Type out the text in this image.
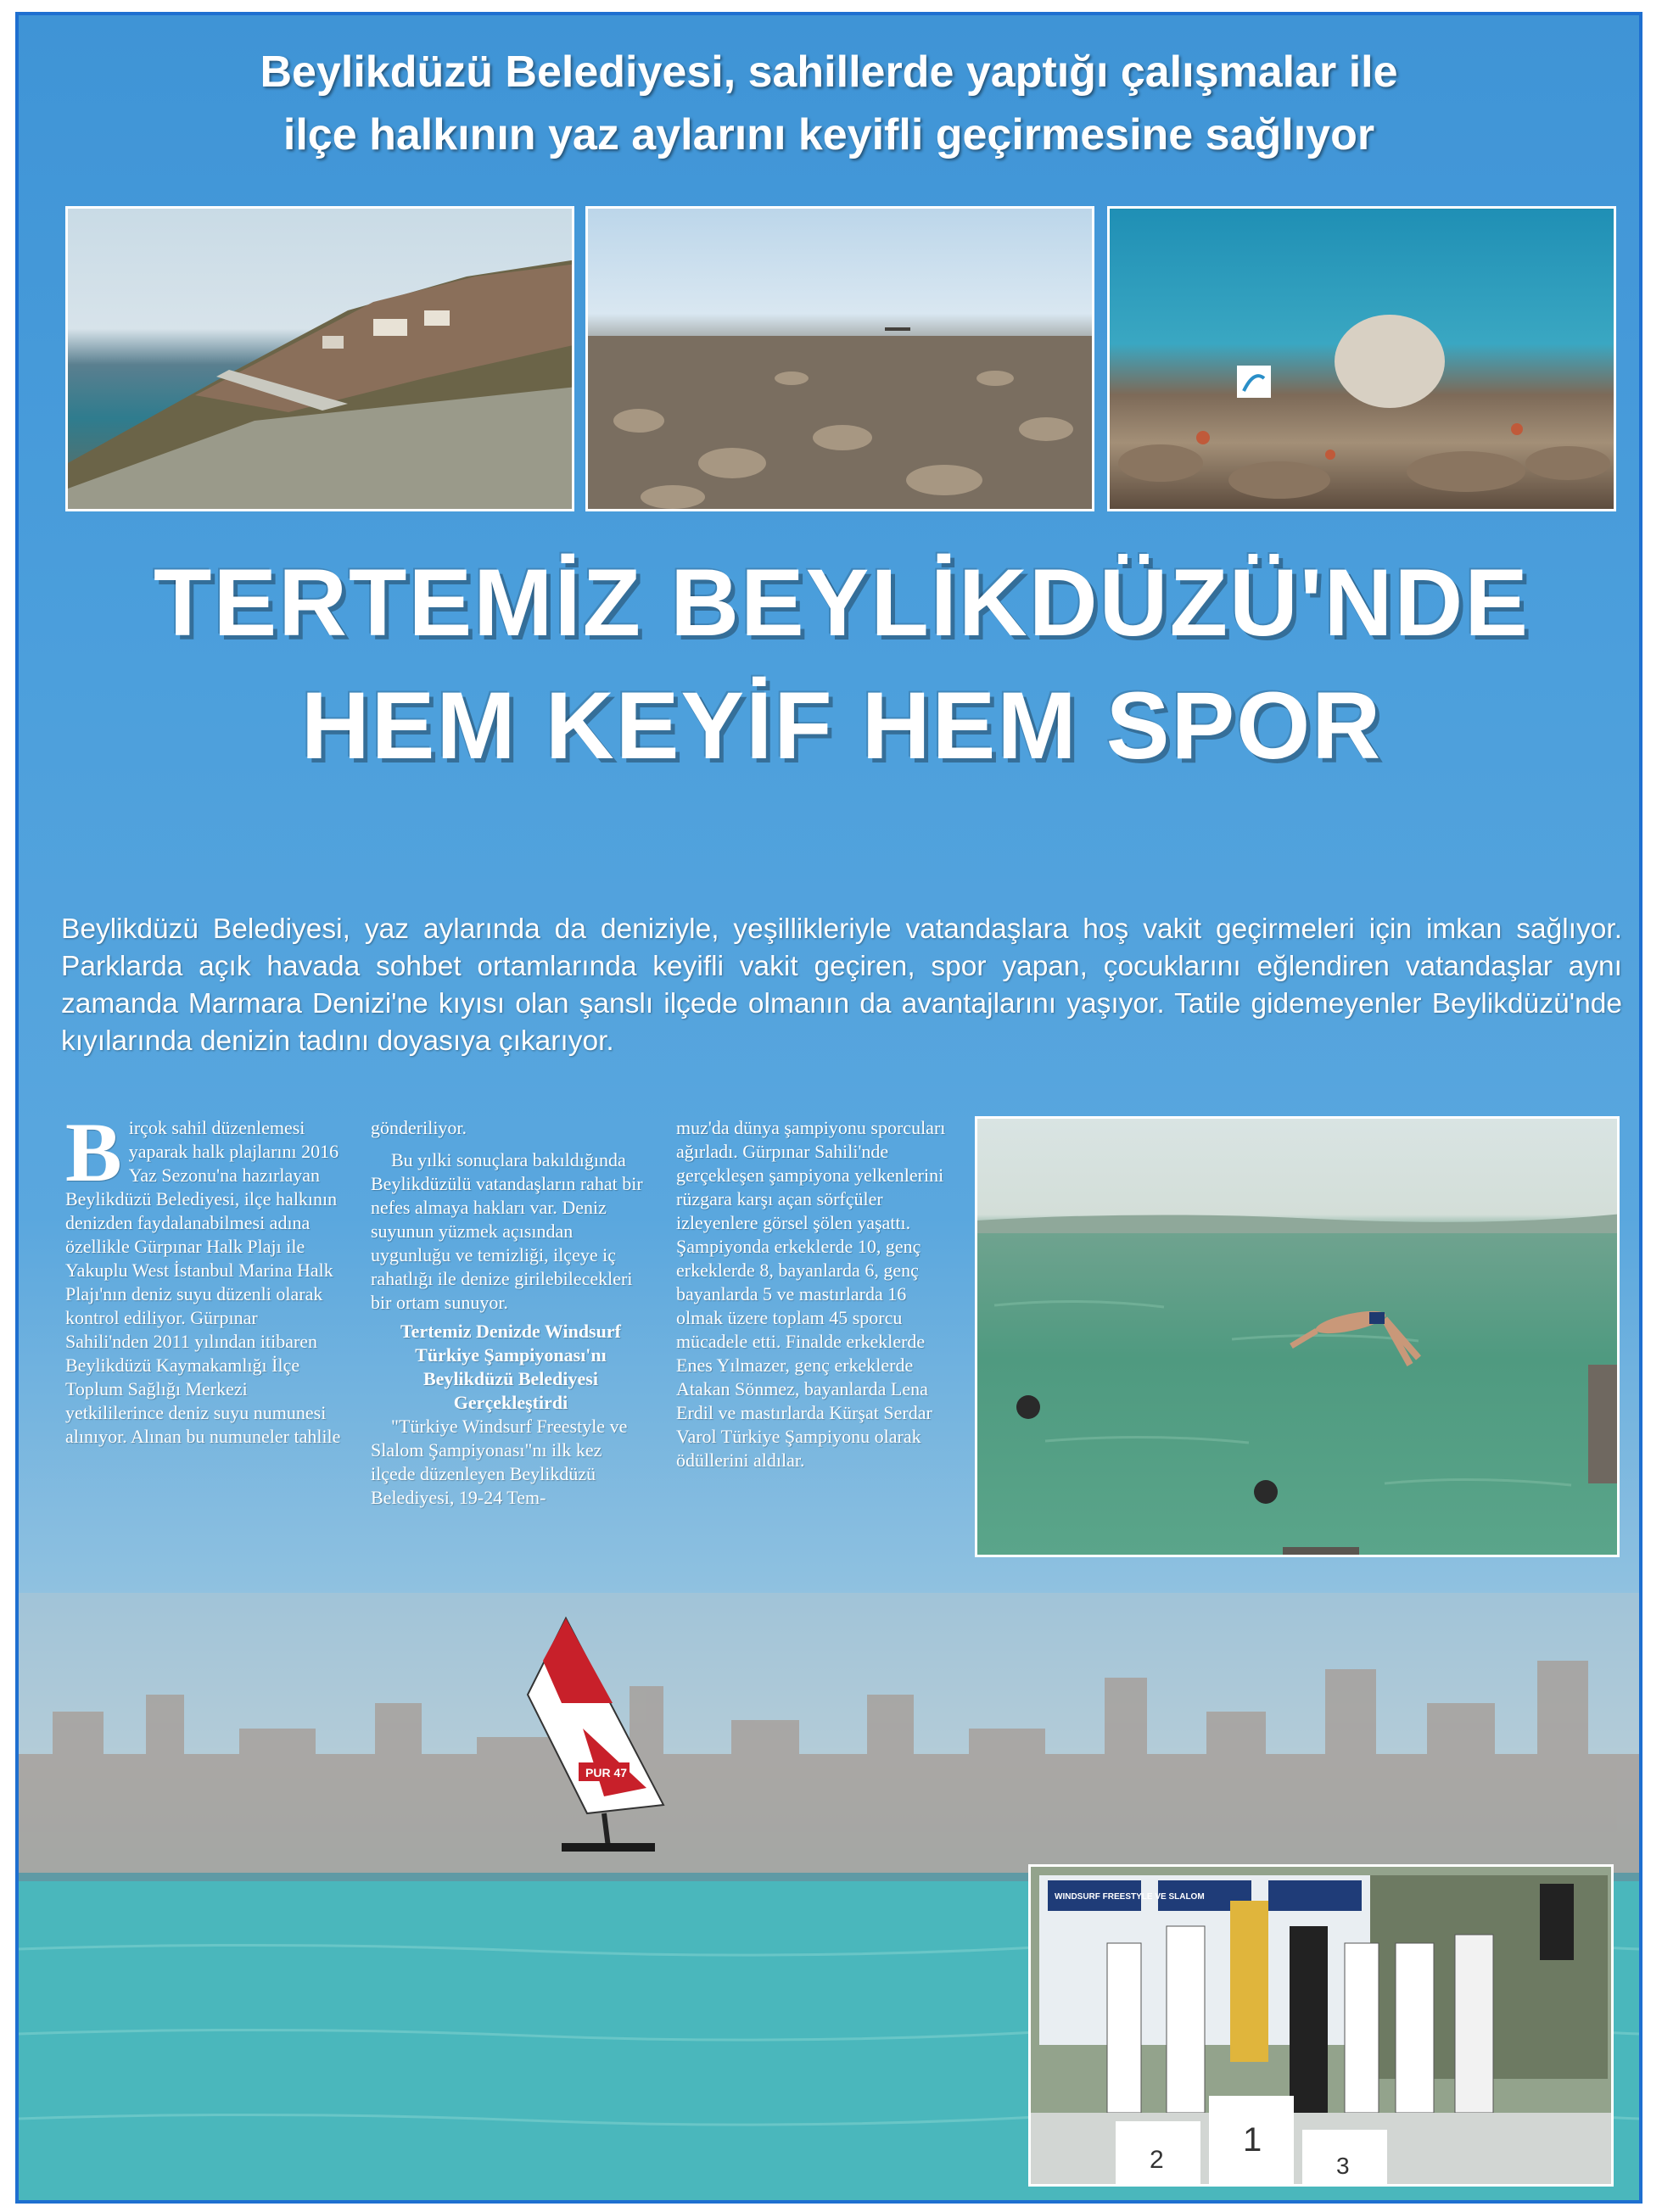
Beylikdüzü Belediyesi, sahillerde yaptığı çalışmalar ile
ilçe halkının yaz aylarını keyifli geçirmesine sağlıyor
TERTEMİZ BEYLİKDÜZÜ'NDE
HEM KEYİF HEM SPOR
Beylikdüzü Belediyesi, yaz aylarında da deniziyle, yeşillikleriyle vatandaşlara hoş vakit geçirmeleri için imkan sağlıyor. Parklarda açık havada sohbet ortamlarında keyifli vakit geçiren, spor yapan, çocuklarını eğlendiren vatandaşlar aynı zamanda Marmara Denizi'ne kıyısı olan şanslı ilçede olmanın da avantajlarını yaşıyor. Tatile gidemeyenler Beylikdüzü'nde kıyılarında denizin tadını doyasıya çıkarıyor.
B irçok sahil düzenlemesi yaparak halk plajlarını 2016 Yaz Sezonu'na hazırlayan Beylikdüzü Belediyesi, ilçe halkının denizden faydalanabilmesi adına özellikle Gürpınar Halk Plajı ile Yakuplu West İstanbul Marina Halk Plajı'nın deniz suyu düzenli olarak kontrol ediliyor. Gürpınar Sahili'nden 2011 yılından itibaren Beylikdüzü Kaymakamlığı İlçe Toplum Sağlığı Merkezi yetkililerince deniz suyu numunesi alınıyor. Alınan bu numuneler tahlile

gönderiliyor.

Bu yılki sonuçlara bakıldığında Beylikdüzülü vatandaşların rahat bir nefes almaya hakları var. Deniz suyunun yüzmek açısından uygunluğu ve temizliği, ilçeye iç rahatlığı ile denize girilebilecekleri bir ortam sunuyor.

Tertemiz Denizde Windsurf Türkiye Şampiyonası'nı Beylikdüzü Belediyesi Gerçekleştirdi

"Türkiye Windsurf Freestyle ve Slalom Şampiyonası"nı ilk kez ilçede düzenleyen Beylikdüzü Belediyesi, 19-24 Tem-

muz'da dünya şampiyonu sporcuları ağırladı. Gürpınar Sahili'nde gerçekleşen şampiyona yelkenlerini rüzgara karşı açan sörfçüler izleyenlere görsel şölen yaşattı. Şampiyonda erkeklerde 10, genç erkeklerde 8, bayanlarda 6, genç bayanlarda 5 ve mastırlarda 16 olmak üzere toplam 45 sporcu mücadele etti. Finalde erkeklerde Enes Yılmazer, genç erkeklerde Atakan Sönmez, bayanlarda Lena Erdil ve mastırlarda Kürşat Serdar Varol Türkiye Şampiyonu olarak ödüllerini aldılar.

PUR 47
WINDSURF FREESTYLE VE SLALOM
2
1
3
